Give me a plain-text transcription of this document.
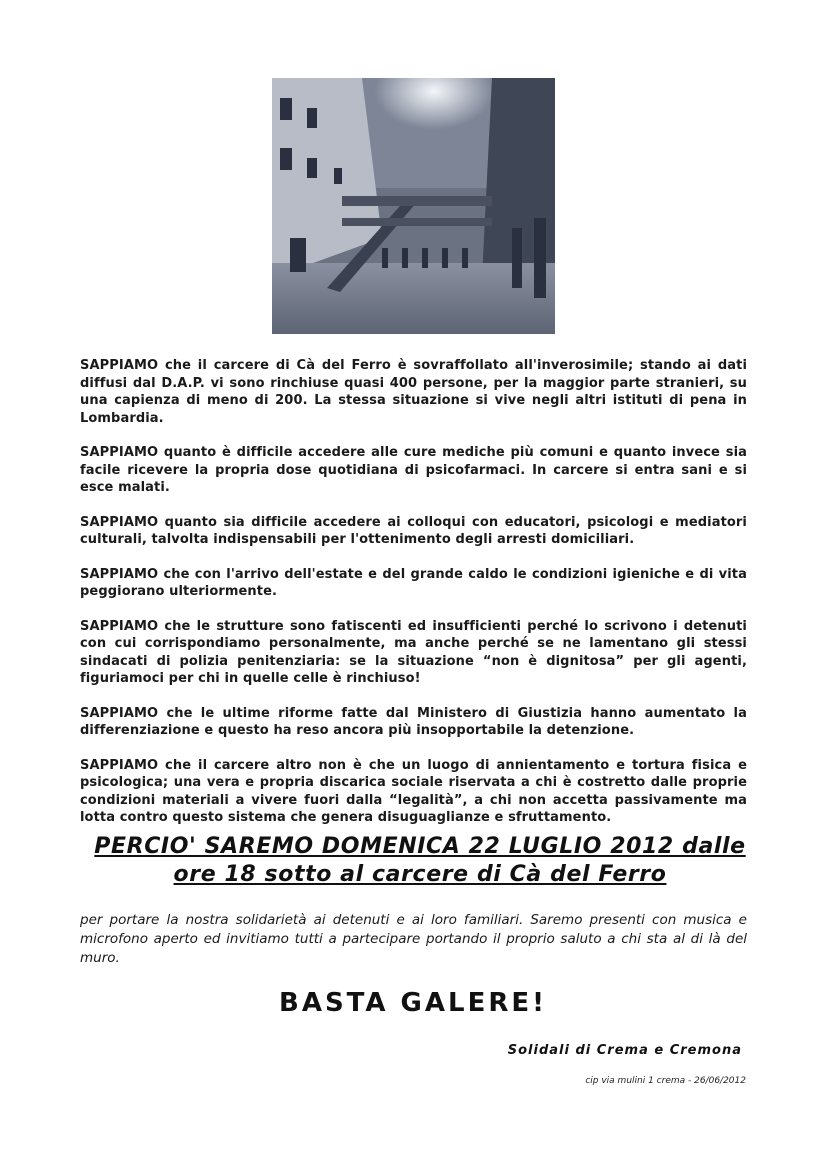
SAPPIAMO che il carcere di Cà del Ferro è sovraffollato all'inverosimile; stando ai dati diffusi dal D.A.P. vi sono rinchiuse quasi 400 persone, per la maggior parte stranieri, su una capienza di meno di 200. La stessa situazione si vive negli altri istituti di pena in Lombardia.

SAPPIAMO quanto è difficile accedere alle cure mediche più comuni e quanto invece sia facile ricevere la propria dose quotidiana di psicofarmaci. In carcere si entra sani e si esce malati.

SAPPIAMO quanto sia difficile accedere ai colloqui con educatori, psicologi e mediatori culturali, talvolta indispensabili per l'ottenimento degli arresti domiciliari.

SAPPIAMO che con l'arrivo dell'estate e del grande caldo le condizioni igieniche e di vita peggiorano ulteriormente.

SAPPIAMO che le strutture sono fatiscenti ed insufficienti perché lo scrivono i detenuti con cui corrispondiamo personalmente, ma anche perché se ne lamentano gli stessi sindacati di polizia penitenziaria: se la situazione “non è dignitosa” per gli agenti, figuriamoci per chi in quelle celle è rinchiuso!

SAPPIAMO che le ultime riforme fatte dal Ministero di Giustizia hanno aumentato la differenziazione e questo ha reso ancora più insopportabile la detenzione.

SAPPIAMO che il carcere altro non è che un luogo di annientamento e tortura fisica e psicologica; una vera e propria discarica sociale riservata a chi è costretto dalle proprie condizioni materiali a vivere fuori dalla “legalità”, a chi non accetta passivamente ma lotta contro questo sistema che genera disuguaglianze e sfruttamento.

PERCIO' SAREMO DOMENICA 22 LUGLIO 2012 dalle
ore 18 sotto al carcere di Cà del Ferro
per portare la nostra solidarietà ai detenuti e ai loro familiari. Saremo presenti con musica e microfono aperto ed invitiamo tutti a partecipare portando il proprio saluto a chi sta al di là del muro.
BASTA GALERE!
Solidali di Crema e Cremona
cip via mulini 1 crema - 26/06/2012
